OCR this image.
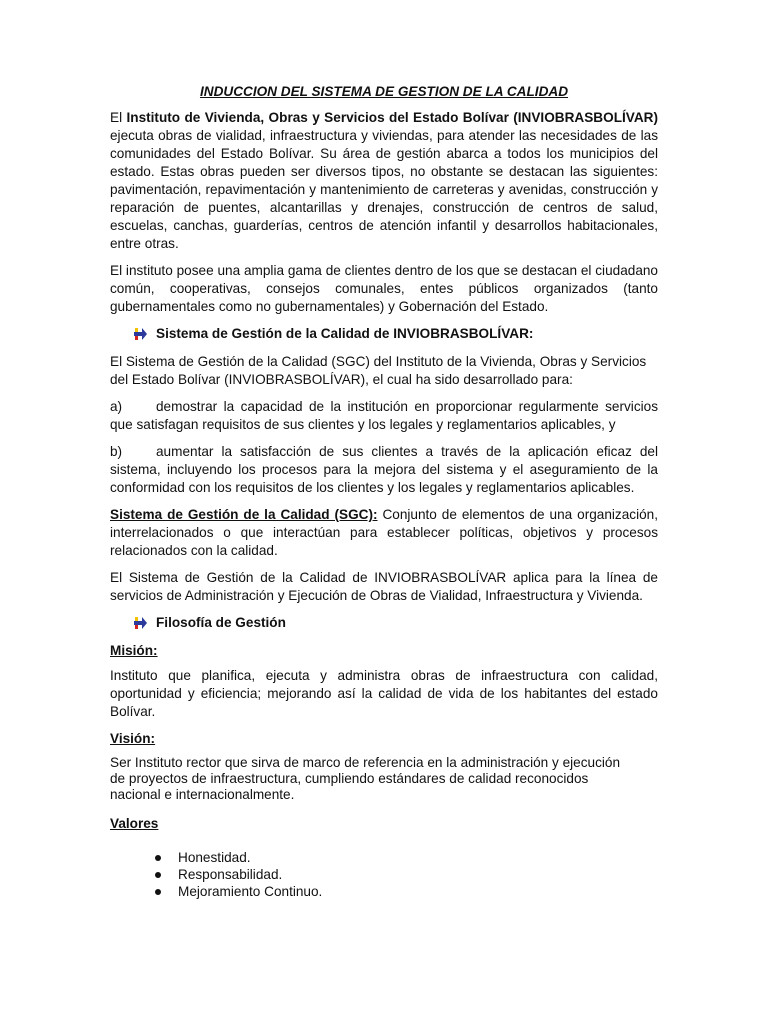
INDUCCION DEL SISTEMA DE GESTION DE LA CALIDAD

El Instituto de Vivienda, Obras y Servicios del Estado Bolívar (INVIOBRASBOLÍVAR) ejecuta obras de vialidad, infraestructura y viviendas, para atender las necesidades de las comunidades del Estado Bolívar. Su área de gestión abarca a todos los municipios del estado. Estas obras pueden ser diversos tipos, no obstante se destacan las siguientes: pavimentación, repavimentación y mantenimiento de carreteras y avenidas, construcción y reparación de puentes, alcantarillas y drenajes, construcción de centros de salud, escuelas, canchas, guarderías, centros de atención infantil y desarrollos habitacionales, entre otras.

El instituto posee una amplia gama de clientes dentro de los que se destacan el ciudadano común, cooperativas, consejos comunales, entes públicos organizados (tanto gubernamentales como no gubernamentales) y Gobernación del Estado.

Sistema de Gestión de la Calidad de INVIOBRASBOLÍVAR:

El Sistema de Gestión de la Calidad (SGC) del Instituto de la Vivienda, Obras y Servicios del Estado Bolívar (INVIOBRASBOLÍVAR), el cual ha sido desarrollado para:

a)	demostrar la capacidad de la institución en proporcionar regularmente servicios que satisfagan requisitos de sus clientes y los legales y reglamentarios aplicables, y

b)	aumentar la satisfacción de sus clientes a través de la aplicación eficaz del sistema, incluyendo los procesos para la mejora del sistema y el aseguramiento de la conformidad con los requisitos de los clientes y los legales y reglamentarios aplicables.

Sistema de Gestión de la Calidad (SGC): Conjunto de elementos de una organización, interrelacionados o que interactúan para establecer políticas, objetivos y procesos relacionados con la calidad.

El Sistema de Gestión de la Calidad de INVIOBRASBOLÍVAR aplica para la línea de servicios de Administración y Ejecución de Obras de Vialidad, Infraestructura y Vivienda.

Filosofía de Gestión
Misión:

Instituto que planifica, ejecuta y administra obras de infraestructura con calidad, oportunidad y eficiencia; mejorando así la calidad de vida de los habitantes del estado Bolívar.

Visión:

Ser Instituto rector que sirva de marco de referencia en la administración y ejecución
de proyectos de infraestructura, cumpliendo estándares de calidad reconocidos
nacional e internacionalmente.

Valores
Honestidad.
Responsabilidad.
Mejoramiento Continuo.
